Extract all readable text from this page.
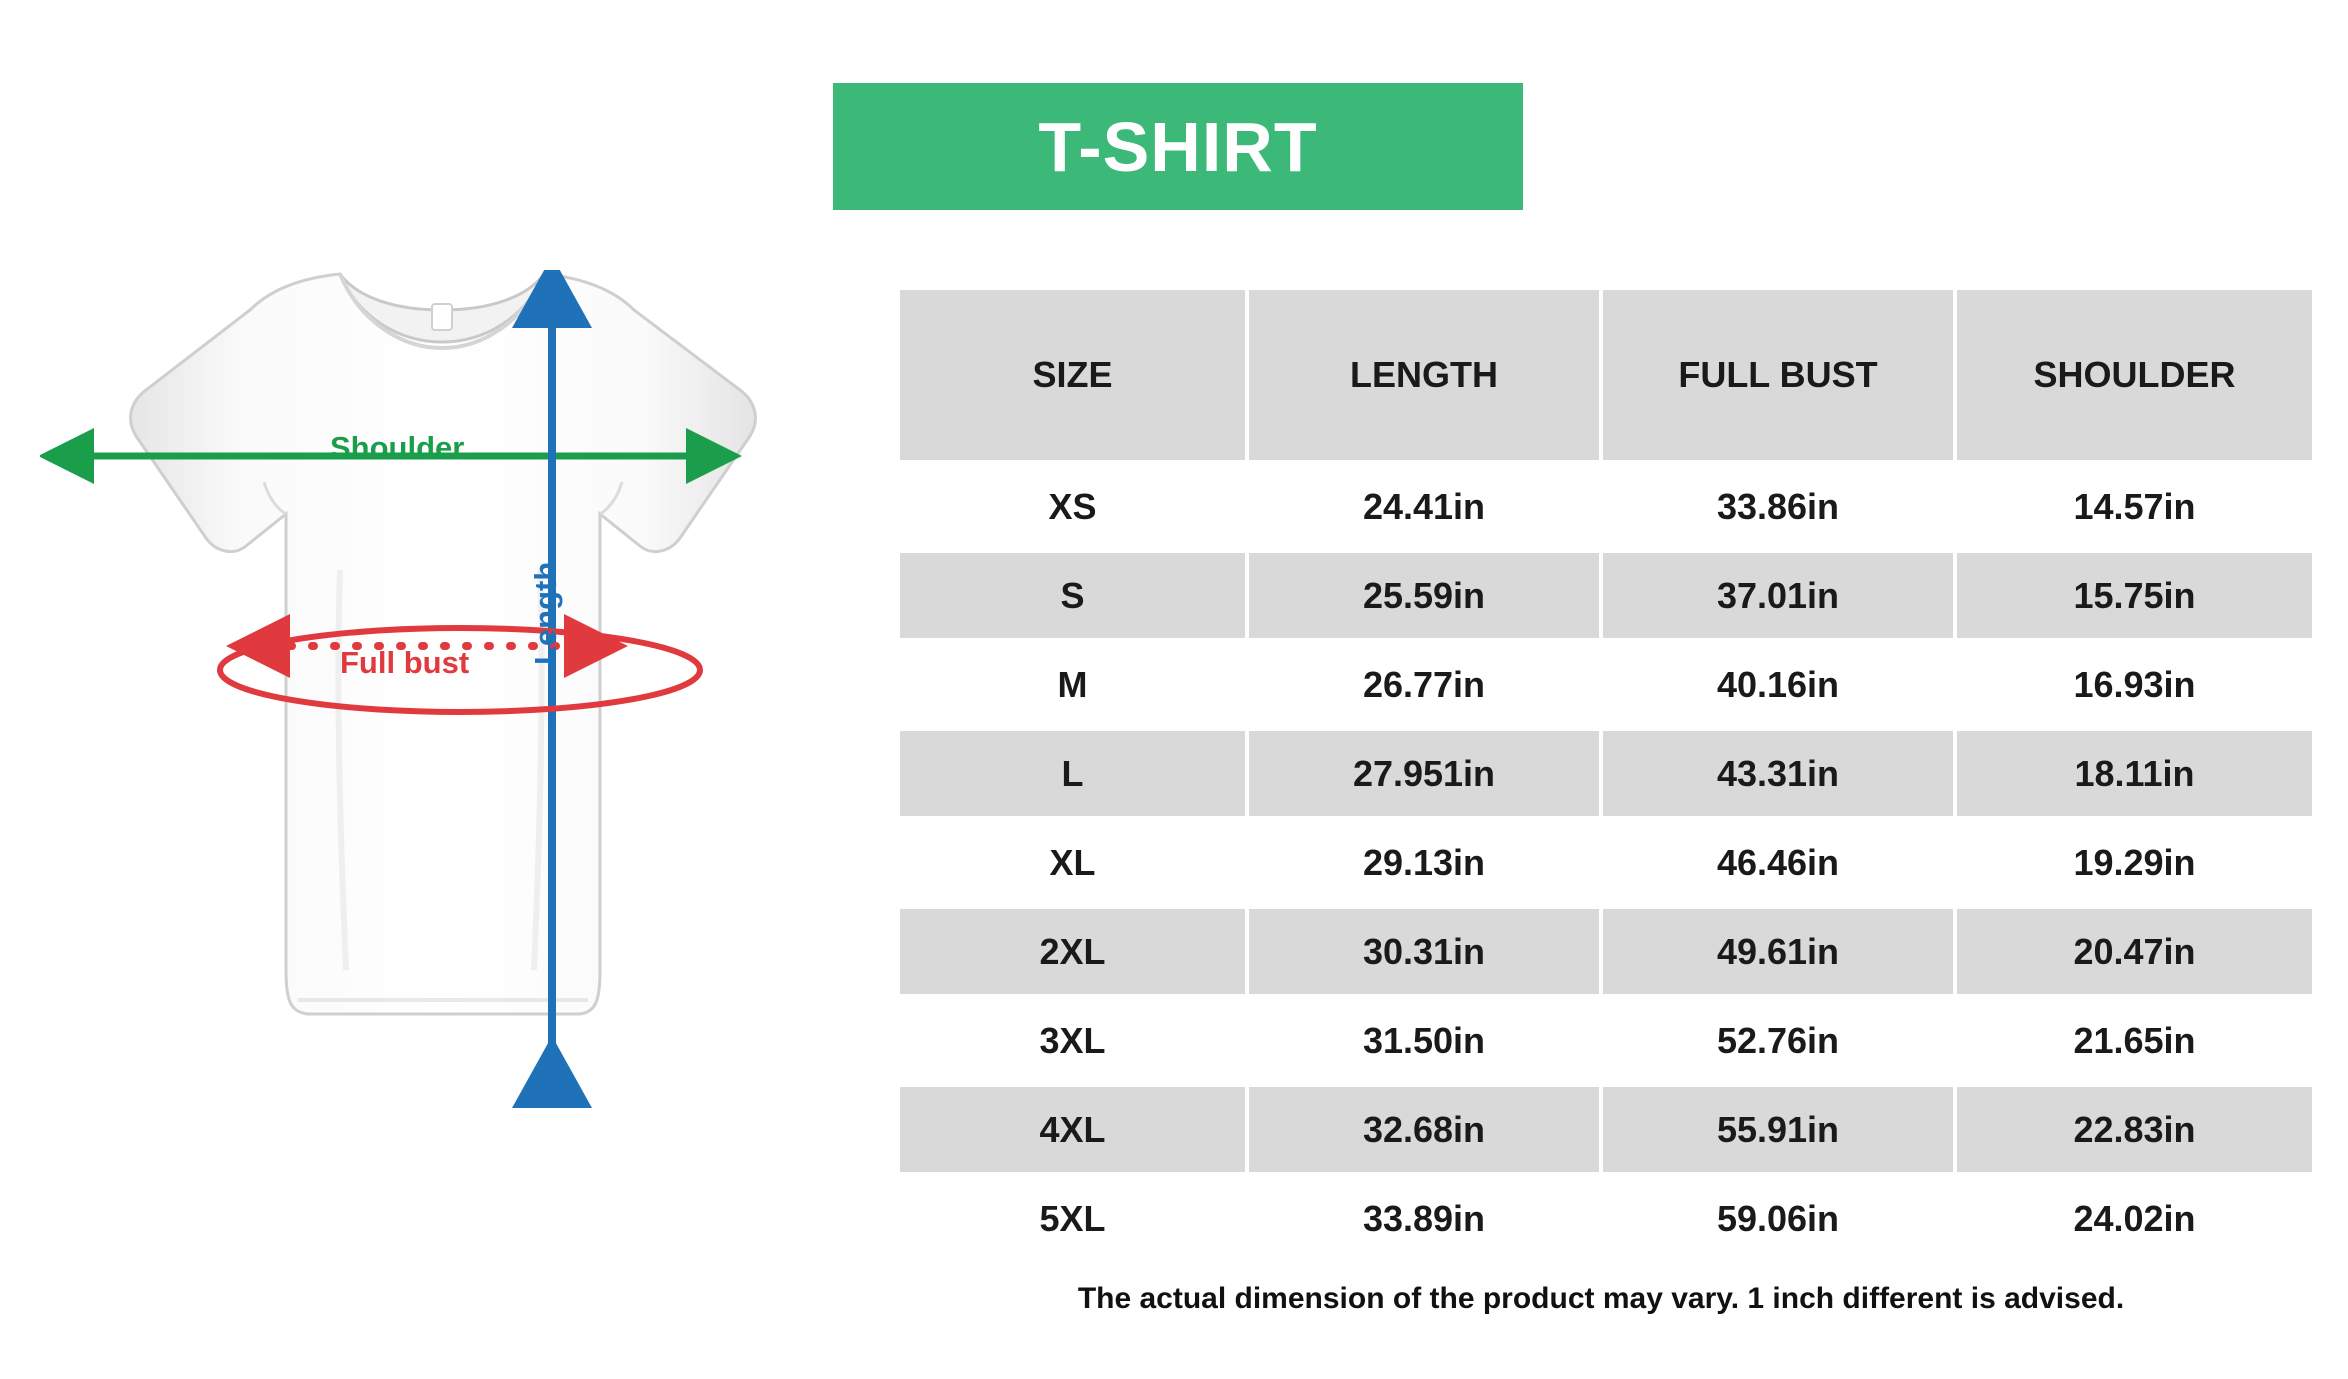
T-SHIRT
Shoulder
Full bust Length
SIZE	LENGTH	FULL BUST	SHOULDER
XS	24.41in	33.86in	14.57in
S	25.59in	37.01in	15.75in
M	26.77in	40.16in	16.93in
L	27.951in	43.31in	18.11in
XL	29.13in	46.46in	19.29in
2XL	30.31in	49.61in	20.47in
3XL	31.50in	52.76in	21.65in
4XL	32.68in	55.91in	22.83in
5XL	33.89in	59.06in	24.02in
The actual dimension of the product may vary. 1 inch different is advised.
